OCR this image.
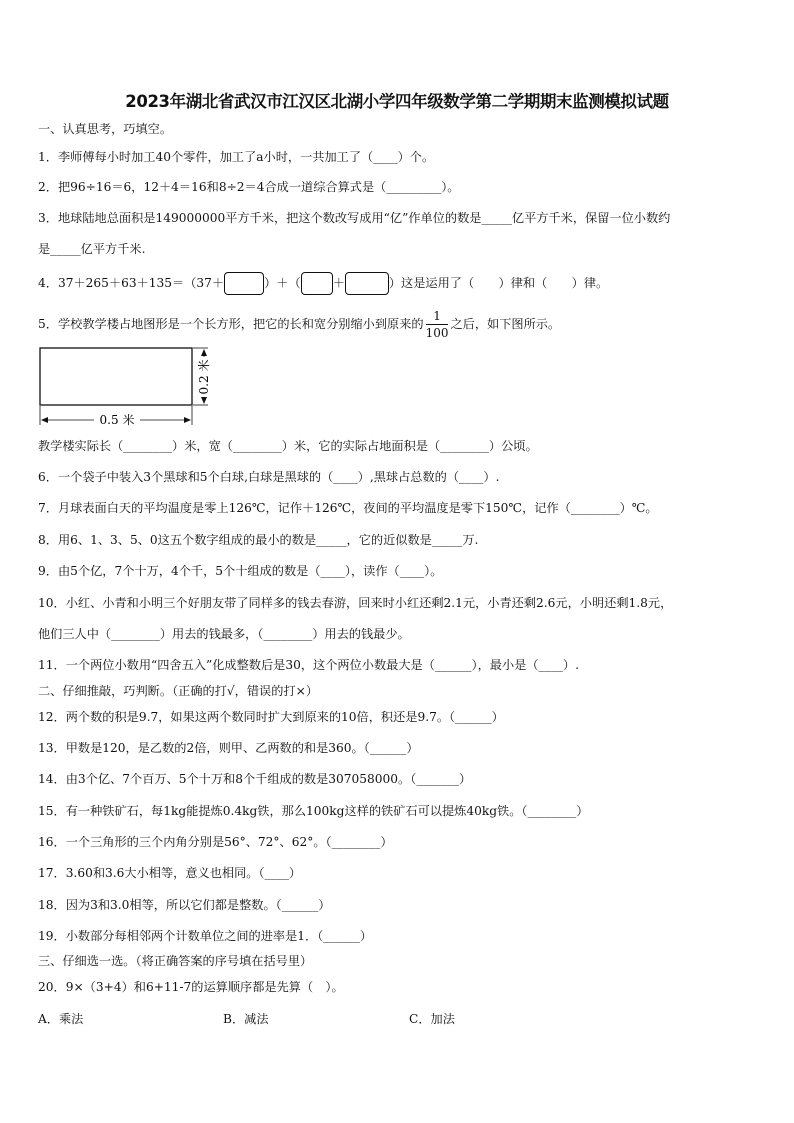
2023年湖北省武汉市江汉区北湖小学四年级数学第二学期期末监测模拟试题
一、认真思考，巧填空。
1．李师傅每小时加工40个零件，加工了a小时，一共加工了（____）个。
2．把96÷16＝6，12＋4＝16和8÷2＝4合成一道综合算式是（_________）。
3．地球陆地总面积是149000000平方千米，把这个数改写成用“亿”作单位的数是_____亿平方千米，保留一位小数约
是_____亿平方千米.
4．37＋265＋63＋135＝（37＋	）＋（	＋	）这是运用了（　　）律和（　　）律。
5．学校教学楼占地图形是一个长方形，把它的长和宽分别缩小到原来的 $\frac{1}{100}$ 之后，如下图所示。
0.5 米
0.2 米
教学楼实际长（________）米，宽（________）米，它的实际占地面积是（________）公顷。
6．一个袋子中装入3个黑球和5个白球,白球是黑球的（____）,黑球占总数的（____）.
7．月球表面白天的平均温度是零上126℃，记作＋126℃，夜间的平均温度是零下150℃，记作（________）℃。
8．用6、1、3、5、0这五个数字组成的最小的数是_____，它的近似数是_____万.
9．由5个亿，7个十万，4个千，5个十组成的数是（____），读作（____）。
10．小红、小青和小明三个好朋友带了同样多的钱去春游，回来时小红还剩2.1元，小青还剩2.6元，小明还剩1.8元，
他们三人中（________）用去的钱最多，（________）用去的钱最少。
11．一个两位小数用“四舍五入”化成整数后是30，这个两位小数最大是（______），最小是（____）.
二、仔细推敲，巧判断。（正确的打√，错误的打×）
12．两个数的积是9.7，如果这两个数同时扩大到原来的10倍，积还是9.7。（______）
13．甲数是120，是乙数的2倍，则甲、乙两数的和是360。（______）
14．由3个亿、7个百万、5个十万和8个千组成的数是307058000。（_______）
15．有一种铁矿石，每1kg能提炼0.4kg铁，那么100kg这样的铁矿石可以提炼40kg铁。（________）
16．一个三角形的三个内角分别是56°、72°、62°。（________）
17．3.60和3.6大小相等，意义也相同。（____）
18．因为3和3.0相等，所以它们都是整数。（______）
19．小数部分每相邻两个计数单位之间的进率是1．（______）
三、仔细选一选。（将正确答案的序号填在括号里）
20．9×（3+4）和6+11-7的运算顺序都是先算（　）。
A．乘法	B．减法	C．加法
